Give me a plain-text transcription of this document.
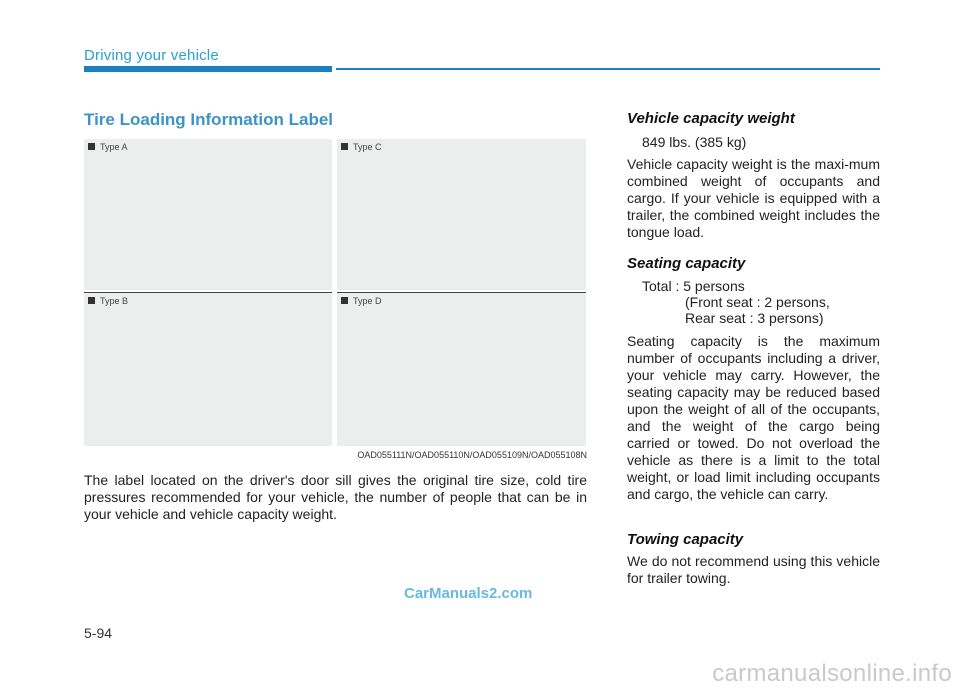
Driving your vehicle
Tire Loading Information Label
Type A	Type C
Type B	Type D
OAD055111N/OAD055110N/OAD055109N/OAD055108N
The label located on the driver's door sill gives the original tire size, cold tire pressures recommended for your vehicle, the number of people that can be in your vehicle and vehicle capacity weight.
Vehicle capacity weight
849 lbs. (385 kg)
Vehicle capacity weight is the maxi-mum combined weight of occupants and cargo. If your vehicle is equipped with a trailer, the combined weight includes the tongue load.
Seating capacity
Total : 5 persons
(Front seat : 2 persons,
Rear seat : 3 persons)
Seating capacity is the maximum number of occupants including a driver, your vehicle may carry. However, the seating capacity may be reduced based upon the weight of all of the occupants, and the weight of the cargo being carried or towed. Do not overload the vehicle as there is a limit to the total weight, or load limit including occupants and cargo, the vehicle can carry.
Towing capacity
We do not recommend using this vehicle for trailer towing.
CarManuals2.com
5-94
carmanualsonline.info
